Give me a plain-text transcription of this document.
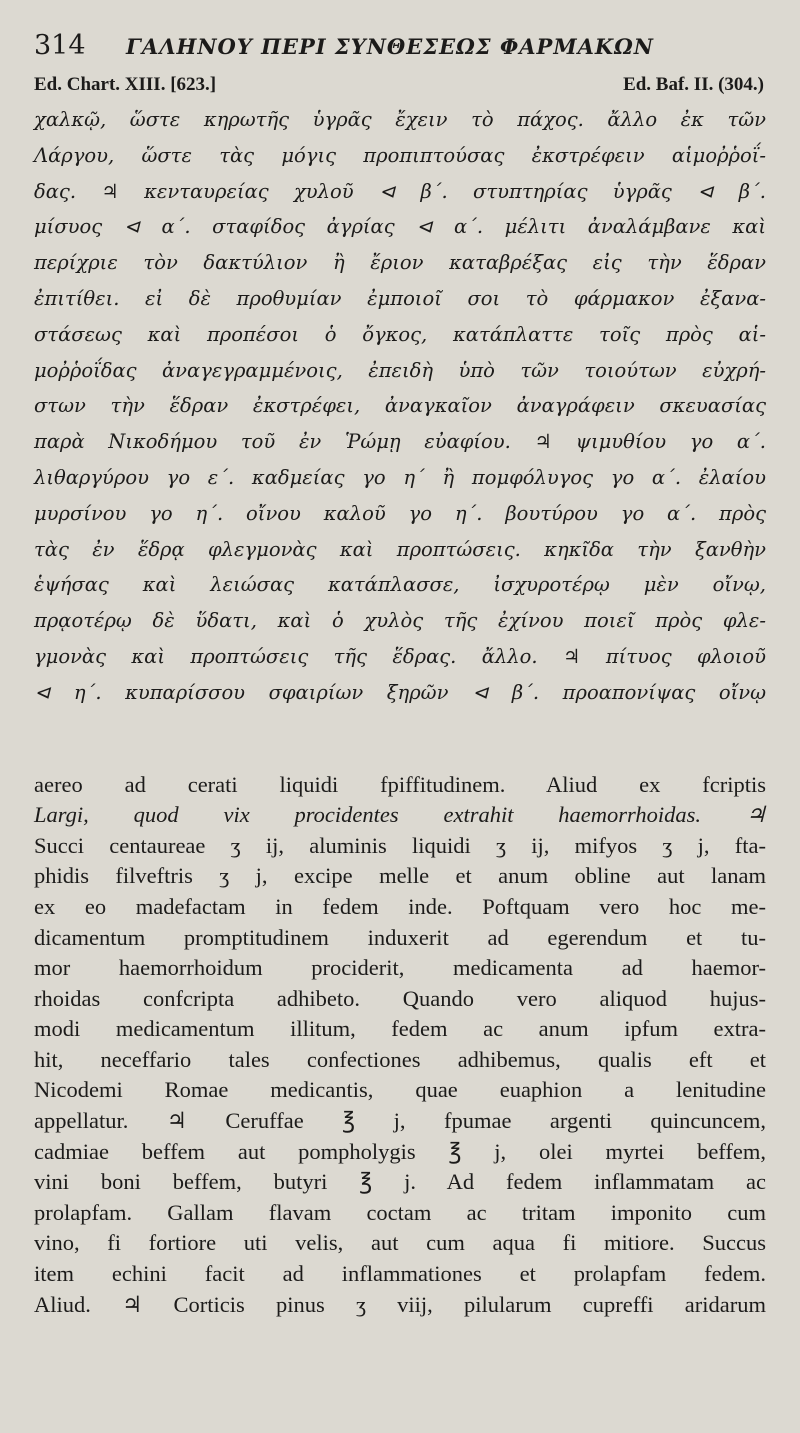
314	ΓΑΛΗΝΟΥ ΠΕΡΙ ΣΥΝΘΕΣΕΩΣ ΦΑΡΜΑΚΩΝ
Ed. Chart. XIII. [623.]	Ed. Baf. II. (304.)
χαλκῷ, ὥστε κηρωτῆς ὑγρᾶς ἔχειν τὸ πάχος. ἄλλο ἐκ τῶν
Λάργου, ὥστε τὰς μόγις προπιπτούσας ἐκστρέφειν αἱμοῤῥοΐ-
δας. ♃ κενταυρείας χυλοῦ ⊲ β΄. στυπτηρίας ὑγρᾶς ⊲ β΄.
μίσυος ⊲ α΄. σταφίδος ἀγρίας ⊲ α΄. μέλιτι ἀναλάμβανε καὶ
περίχριε τὸν δακτύλιον ἢ ἔριον καταβρέξας εἰς τὴν ἕδραν
ἐπιτίθει. εἰ δὲ προθυμίαν ἐμποιοῖ σοι τὸ φάρμακον ἐξανα-
στάσεως καὶ προπέσοι ὁ ὄγκος, κατάπλαττε τοῖς πρὸς αἱ-
μοῤῥοΐδας ἀναγεγραμμένοις, ἐπειδὴ ὑπὸ τῶν τοιούτων εὐχρή-
στων τὴν ἕδραν ἐκστρέφει, ἀναγκαῖον ἀναγράφειν σκευασίας
παρὰ Νικοδήμου τοῦ ἐν Ῥώμῃ εὐαφίου. ♃ ψιμυθίου γο α΄.
λιθαργύρου γο ε΄. καδμείας γο η΄ ἢ πομφόλυγος γο α΄. ἐλαίου
μυρσίνου γο η΄. οἴνου καλοῦ γο η΄. βουτύρου γο α΄. πρὸς
τὰς ἐν ἕδρᾳ φλεγμονὰς καὶ προπτώσεις. κηκῖδα τὴν ξανθὴν
ἑψήσας καὶ λειώσας κατάπλασσε, ἰσχυροτέρῳ μὲν οἴνῳ,
πρᾳοτέρῳ δὲ ὕδατι, καὶ ὁ χυλὸς τῆς ἐχίνου ποιεῖ πρὸς φλε-
γμονὰς καὶ προπτώσεις τῆς ἕδρας. ἄλλο. ♃ πίτυος φλοιοῦ
⊲ η΄. κυπαρίσσου σφαιρίων ξηρῶν ⊲ β΄. προαπονίψας οἴνῳ
aereo ad cerati liquidi fpiffitudinem. Aliud ex fcriptis
Largi, quod vix procidentes extrahit haemorrhoidas. ♃
Succi centaureae ʒ ij, aluminis liquidi ʒ ij, mifyos ʒ j, fta-
phidis filveftris ʒ j, excipe melle et anum obline aut lanam
ex eo madefactam in fedem inde. Poftquam vero hoc me-
dicamentum promptitudinem induxerit ad egerendum et tu-
mor haemorrhoidum prociderit, medicamenta ad haemor-
rhoidas confcripta adhibeto. Quando vero aliquod hujus-
modi medicamentum illitum, fedem ac anum ipfum extra-
hit, neceffario tales confectiones adhibemus, qualis eft et
Nicodemi Romae medicantis, quae euaphion a lenitudine
appellatur. ♃ Ceruffae ℥ j, fpumae argenti quincuncem,
cadmiae beffem aut pompholygis ℥ j, olei myrtei beffem,
vini boni beffem, butyri ℥ j. Ad fedem inflammatam ac
prolapfam. Gallam flavam coctam ac tritam imponito cum
vino, fi fortiore uti velis, aut cum aqua fi mitiore. Succus
item echini facit ad inflammationes et prolapfam fedem.
Aliud. ♃ Corticis pinus ʒ viij, pilularum cupreffi aridarum
